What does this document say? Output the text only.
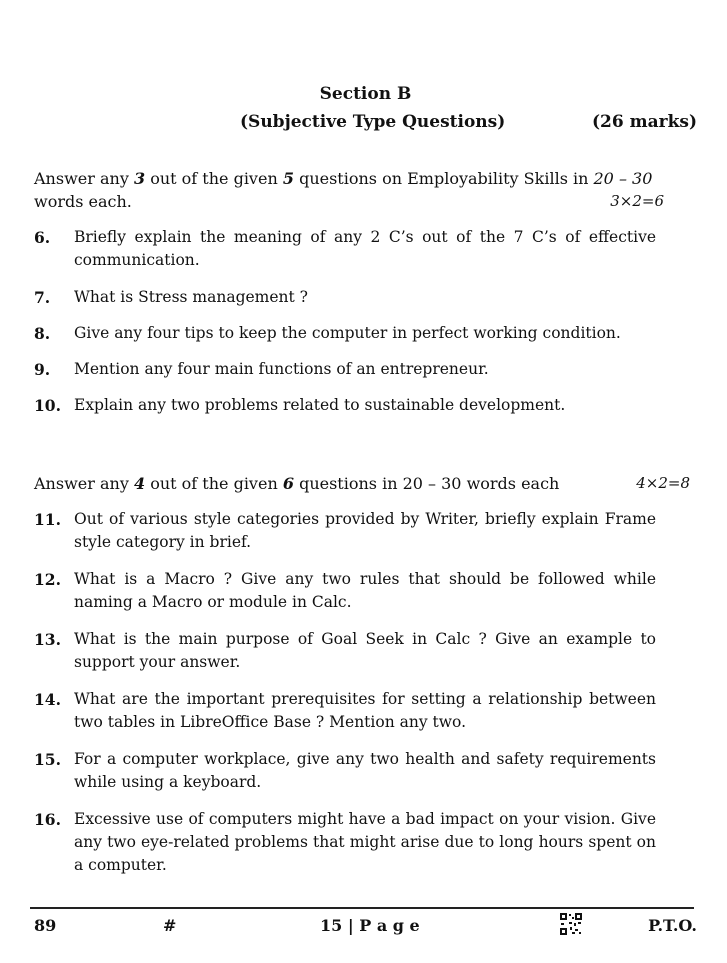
Section B
(Subjective Type Questions)	(26 marks)
Answer any 3 out of the given 5 questions on Employability Skills in 20 – 30
words each.	3×2=6
6. Briefly explain the meaning of any 2 C’s out of the 7 C’s of effective communication.
7. What is Stress management ?
8. Give any four tips to keep the computer in perfect working condition.
9. Mention any four main functions of an entrepreneur.
10. Explain any two problems related to sustainable development.
Answer any 4 out of the given 6 questions in 20 – 30 words each	4×2=8
11. Out of various style categories provided by Writer, briefly explain Frame style category in brief.
12. What is a Macro ? Give any two rules that should be followed while naming a Macro or module in Calc.
13. What is the main purpose of Goal Seek in Calc ? Give an example to support your answer.
14. What are the important prerequisites for setting a relationship between two tables in LibreOffice Base ? Mention any two.
15. For a computer workplace, give any two health and safety requirements while using a keyboard.
16. Excessive use of computers might have a bad impact on your vision. Give any two eye-related problems that might arise due to long hours spent on a computer.
89	#	15 | P a g e	P.T.O.
